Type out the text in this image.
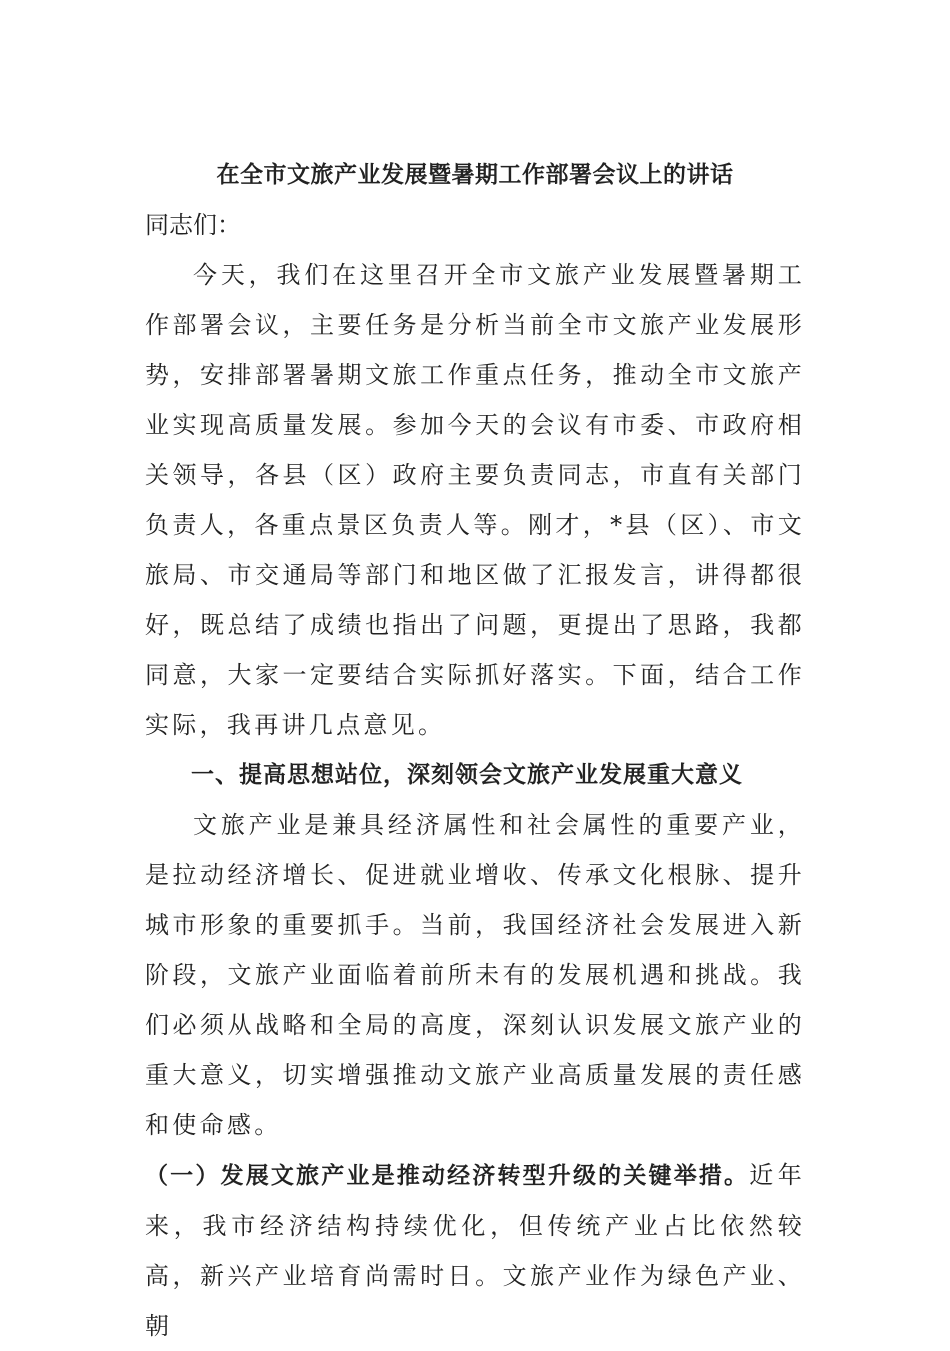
在全市文旅产业发展暨暑期工作部署会议上的讲话

同志们：

今天，我们在这里召开全市文旅产业发展暨暑期工作部署会议，主要任务是分析当前全市文旅产业发展形势，安排部署暑期文旅工作重点任务，推动全市文旅产业实现高质量发展。参加今天的会议有市委、市政府相关领导，各县（区）政府主要负责同志，市直有关部门负责人，各重点景区负责人等。刚才，*县（区）、市文旅局、市交通局等部门和地区做了汇报发言，讲得都很好，既总结了成绩也指出了问题，更提出了思路，我都同意，大家一定要结合实际抓好落实。下面，结合工作实际，我再讲几点意见。

一、提高思想站位，深刻领会文旅产业发展重大意义

文旅产业是兼具经济属性和社会属性的重要产业，是拉动经济增长、促进就业增收、传承文化根脉、提升城市形象的重要抓手。当前，我国经济社会发展进入新阶段，文旅产业面临着前所未有的发展机遇和挑战。我们必须从战略和全局的高度，深刻认识发展文旅产业的重大意义，切实增强推动文旅产业高质量发展的责任感和使命感。

（一）发展文旅产业是推动经济转型升级的关键举措。近年来，我市经济结构持续优化，但传统产业占比依然较高，新兴产业培育尚需时日。文旅产业作为绿色产业、朝
